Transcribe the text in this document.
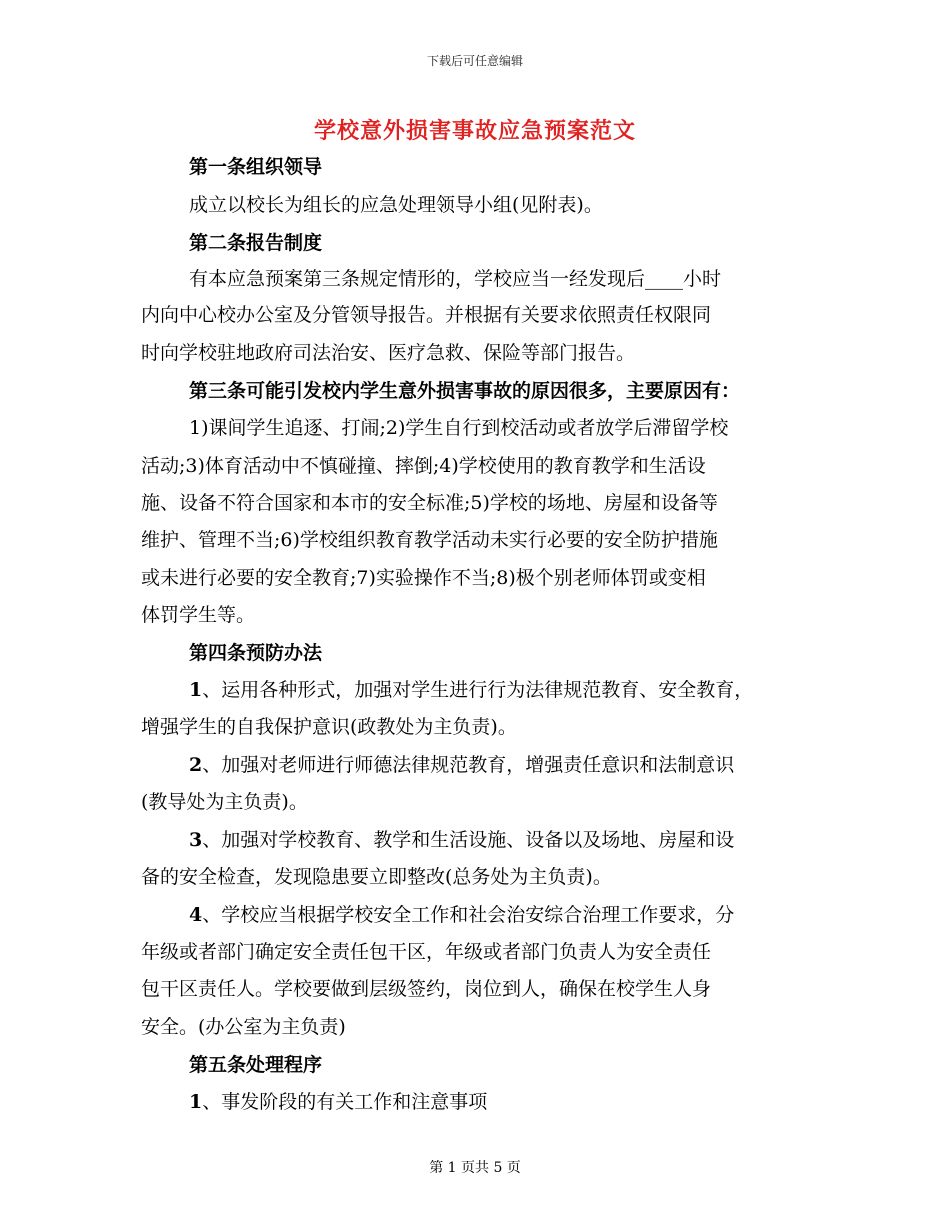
下载后可任意编辑
学校意外损害事故应急预案范文
第一条组织领导
成立以校长为组长的应急处理领导小组(见附表)。
第二条报告制度
有本应急预案第三条规定情形的，学校应当一经发现后____小时
内向中心校办公室及分管领导报告。并根据有关要求依照责任权限同
时向学校驻地政府司法治安、医疗急救、保险等部门报告。
第三条可能引发校内学生意外损害事故的原因很多，主要原因有：
1)课间学生追逐、打闹;2)学生自行到校活动或者放学后滞留学校
活动;3)体育活动中不慎碰撞、摔倒;4)学校使用的教育教学和生活设
施、设备不符合国家和本市的安全标准;5)学校的场地、房屋和设备等
维护、管理不当;6)学校组织教育教学活动未实行必要的安全防护措施
或未进行必要的安全教育;7)实验操作不当;8)极个别老师体罚或变相
体罚学生等。
第四条预防办法
1、运用各种形式，加强对学生进行行为法律规范教育、安全教育，
增强学生的自我保护意识(政教处为主负责)。
2、加强对老师进行师德法律规范教育，增强责任意识和法制意识
(教导处为主负责)。
3、加强对学校教育、教学和生活设施、设备以及场地、房屋和设
备的安全检查，发现隐患要立即整改(总务处为主负责)。
4、学校应当根据学校安全工作和社会治安综合治理工作要求，分
年级或者部门确定安全责任包干区，年级或者部门负责人为安全责任
包干区责任人。学校要做到层级签约，岗位到人，确保在校学生人身
安全。(办公室为主负责)
第五条处理程序
1、事发阶段的有关工作和注意事项
第 1 页共 5 页
